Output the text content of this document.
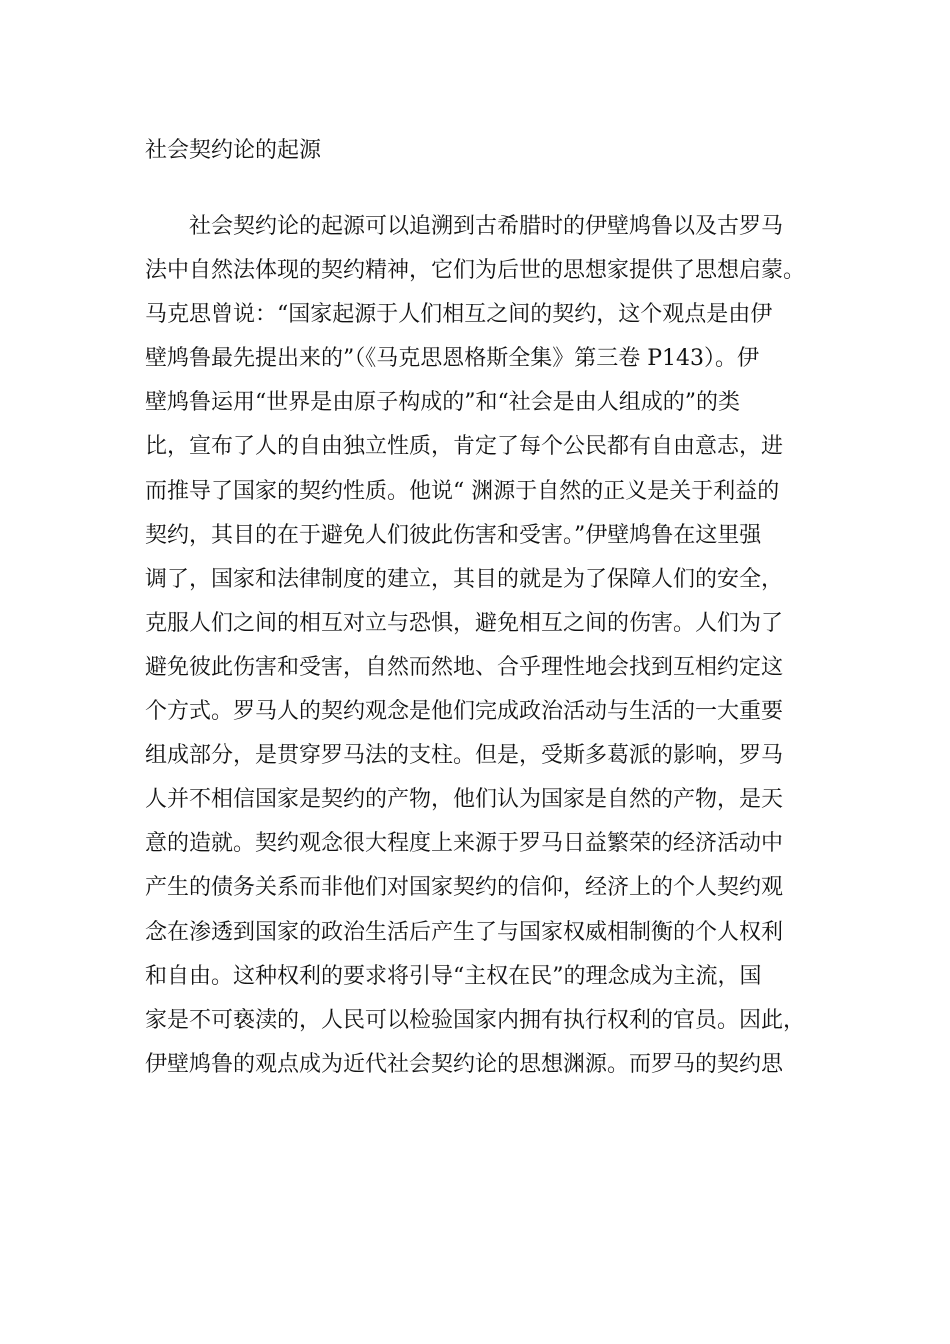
社会契约论的起源
社会契约论的起源可以追溯到古希腊时的伊壁鸠鲁以及古罗马
法中自然法体现的契约精神，它们为后世的思想家提供了思想启蒙。
马克思曾说：“国家起源于人们相互之间的契约，这个观点是由伊
壁鸠鲁最先提出来的”（《马克思恩格斯全集》第三卷 P143）。伊
壁鸠鲁运用“世界是由原子构成的”和“社会是由人组成的”的类
比，宣布了人的自由独立性质，肯定了每个公民都有自由意志，进
而推导了国家的契约性质。他说“ 渊源于自然的正义是关于利益的
契约，其目的在于避免人们彼此伤害和受害。”伊壁鸠鲁在这里强
调了，国家和法律制度的建立，其目的就是为了保障人们的安全，
克服人们之间的相互对立与恐惧，避免相互之间的伤害。人们为了
避免彼此伤害和受害，自然而然地、合乎理性地会找到互相约定这
个方式。罗马人的契约观念是他们完成政治活动与生活的一大重要
组成部分，是贯穿罗马法的支柱。但是，受斯多葛派的影响，罗马
人并不相信国家是契约的产物，他们认为国家是自然的产物，是天
意的造就。契约观念很大程度上来源于罗马日益繁荣的经济活动中
产生的债务关系而非他们对国家契约的信仰，经济上的个人契约观
念在渗透到国家的政治生活后产生了与国家权威相制衡的个人权利
和自由。这种权利的要求将引导“主权在民”的理念成为主流，国
家是不可亵渎的，人民可以检验国家内拥有执行权利的官员。因此，
伊壁鸠鲁的观点成为近代社会契约论的思想渊源。而罗马的契约思
